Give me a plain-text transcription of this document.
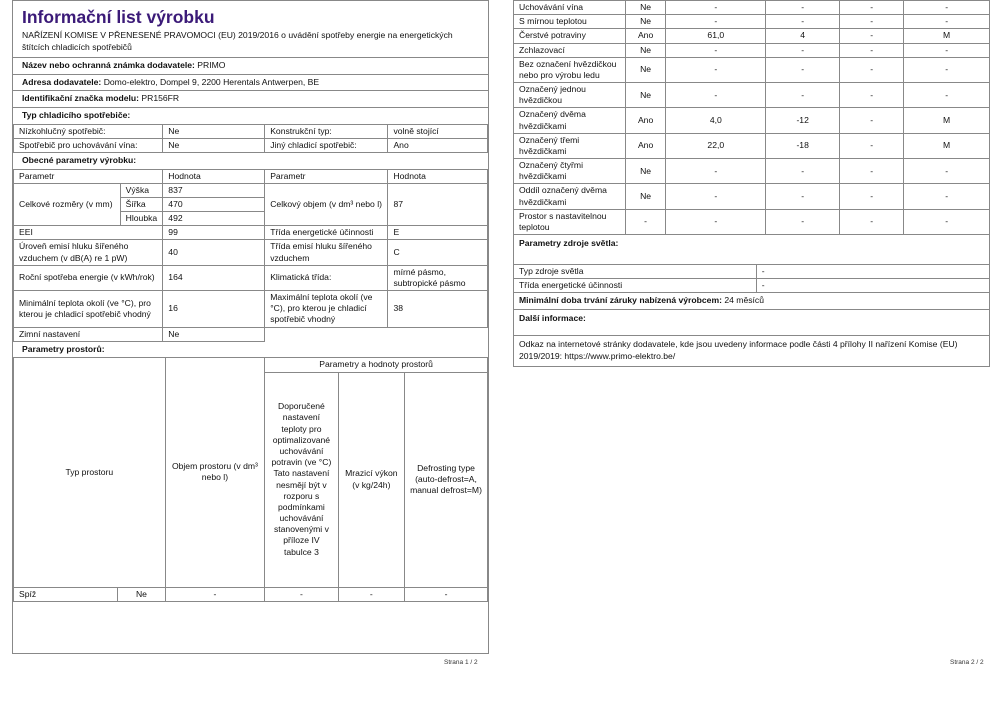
Informační list výrobku
NAŘÍZENÍ KOMISE V PŘENESENÉ PRAVOMOCI (EU) 2019/2016 o uvádění spotřeby energie na energetických štítcích chladicích spotřebičů
Název nebo ochranná známka dodavatele: PRIMO
Adresa dodavatele: Domo-elektro, Dompel 9, 2200 Herentals Antwerpen, BE
Identifikační značka modelu: PR156FR
Typ chladicího spotřebiče:
Nízkohlučný spotřebič:	Ne	Konstrukční typ:	volně stojící
Spotřebič pro uchovávání vína:	Ne	Jiný chladicí spotřebič:	Ano
Obecné parametry výrobku:
Parametr		Hodnota	Parametr	Hodnota
Celkové rozměry (v mm)	Výška	837	Celkový objem (v dm³ nebo l)	87
	Šířka	470		
	Hloubka	492		
EEI		99	Třída energetické účinnosti	E
Úroveň emisí hluku šířeného vzduchem (v dB(A) re 1 pW)		40	Třída emisí hluku šířeného vzduchem	C
Roční spotřeba energie (v kWh/rok)		164	Klimatická třída:	mírné pásmo, subtropické pásmo
Minimální teplota okolí (ve °C), pro kterou je chladicí spotřebič vhodný		16	Maximální teplota okolí (ve °C), pro kterou je chladicí spotřebič vhodný	38
Zimní nastavení		Ne		
Parametry prostorů:
Typ prostoru		Objem prostoru (v dm³ nebo l)	Parametry a hodnoty prostorů		
			Doporučené nastavení teploty pro optimalizované uchovávání potravin (ve °C) Tato nastavení nesmějí být v rozporu s podmínkami uchovávání stanovenými v příloze IV tabulce 3	Mrazicí výkon (v kg/24h)	Defrosting type (auto-defrost=A, manual defrost=M)
Spíž	Ne	-	-	-	-
Strana 1 / 2
Uchovávání vína	Ne	-	-	-	-
S mírnou teplotou	Ne	-	-	-	-
Čerstvé potraviny	Ano	61,0	4	-	M
Zchlazovací	Ne	-	-	-	-
Bez označení hvězdičkou nebo pro výrobu ledu	Ne	-	-	-	-
Označený jednou hvězdičkou	Ne	-	-	-	-
Označený dvěma hvězdičkami	Ano	4,0	-12	-	M
Označený třemi hvězdičkami	Ano	22,0	-18	-	M
Označený čtyřmi hvězdičkami	Ne	-	-	-	-
Oddíl označený dvěma hvězdičkami	Ne	-	-	-	-
Prostor s nastavitelnou teplotou	-	-	-	-	-
Parametry zdroje světla:
Typ zdroje světla	-
Třída energetické účinnosti	-
Minimální doba trvání záruky nabízená výrobcem: 24 měsíců
Další informace:
Odkaz na internetové stránky dodavatele, kde jsou uvedeny informace podle části 4 přílohy II nařízení Komise (EU) 2019/2019: https://www.primo-elektro.be/
Strana 2 / 2
